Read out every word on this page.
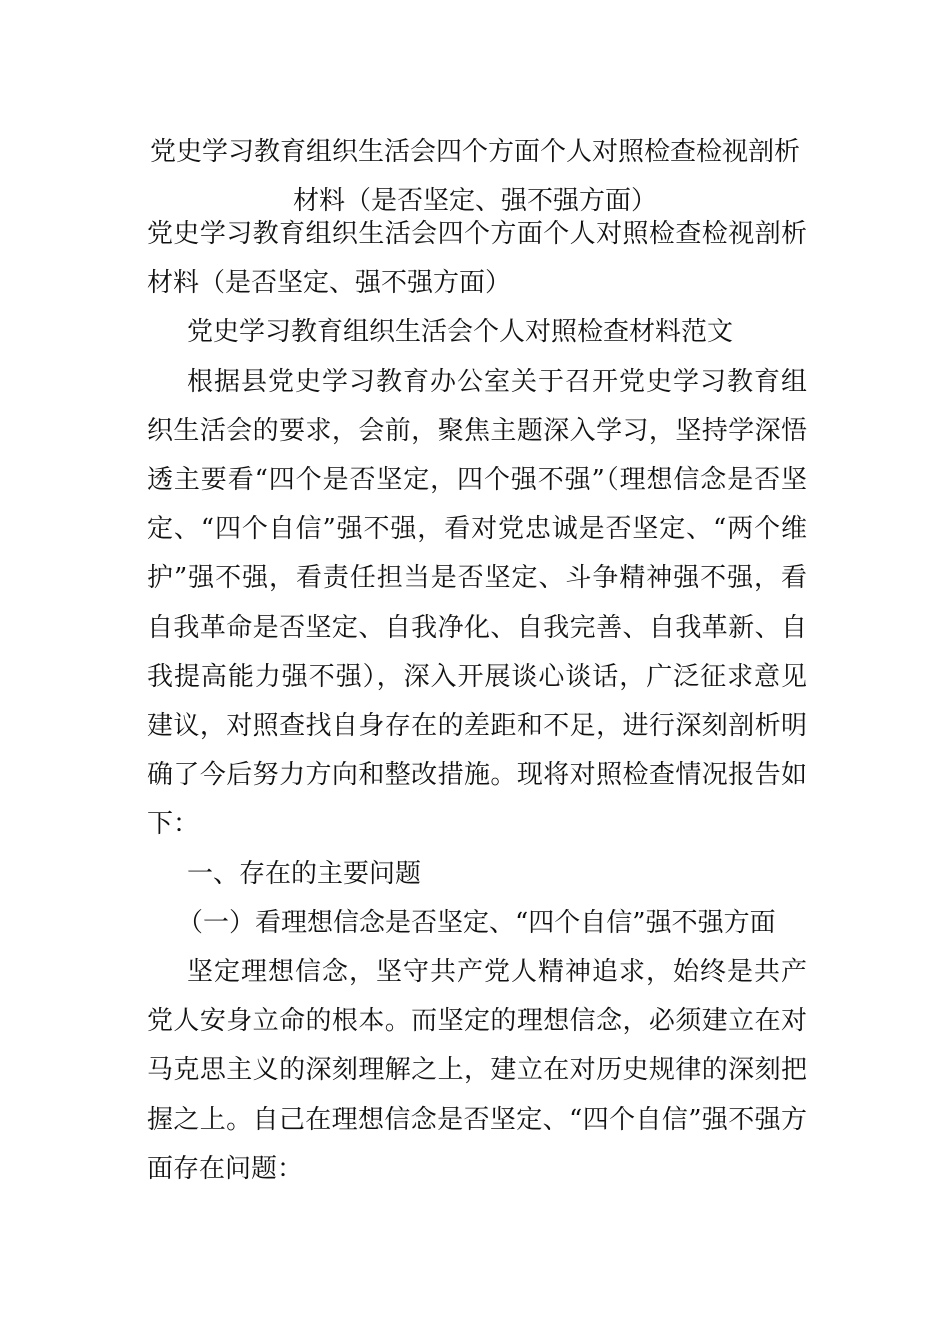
党史学习教育组织生活会四个方面个人对照检查检视剖析
材料（是否坚定、强不强方面）

党史学习教育组织生活会四个方面个人对照检查检视剖析材料（是否坚定、强不强方面）

党史学习教育组织生活会个人对照检查材料范文

根据县党史学习教育办公室关于召开党史学习教育组织生活会的要求，会前，聚焦主题深入学习，坚持学深悟透主要看“四个是否坚定，四个强不强”（理想信念是否坚定、“四个自信”强不强，看对党忠诚是否坚定、“两个维护”强不强，看责任担当是否坚定、斗争精神强不强，看自我革命是否坚定、自我净化、自我完善、自我革新、自我提高能力强不强），深入开展谈心谈话，广泛征求意见建议，对照查找自身存在的差距和不足，进行深刻剖析明确了今后努力方向和整改措施。现将对照检查情况报告如下：

一、存在的主要问题

（一）看理想信念是否坚定、“四个自信”强不强方面

坚定理想信念，坚守共产党人精神追求，始终是共产党人安身立命的根本。而坚定的理想信念，必须建立在对马克思主义的深刻理解之上，建立在对历史规律的深刻把握之上。自己在理想信念是否坚定、“四个自信”强不强方面存在问题：
